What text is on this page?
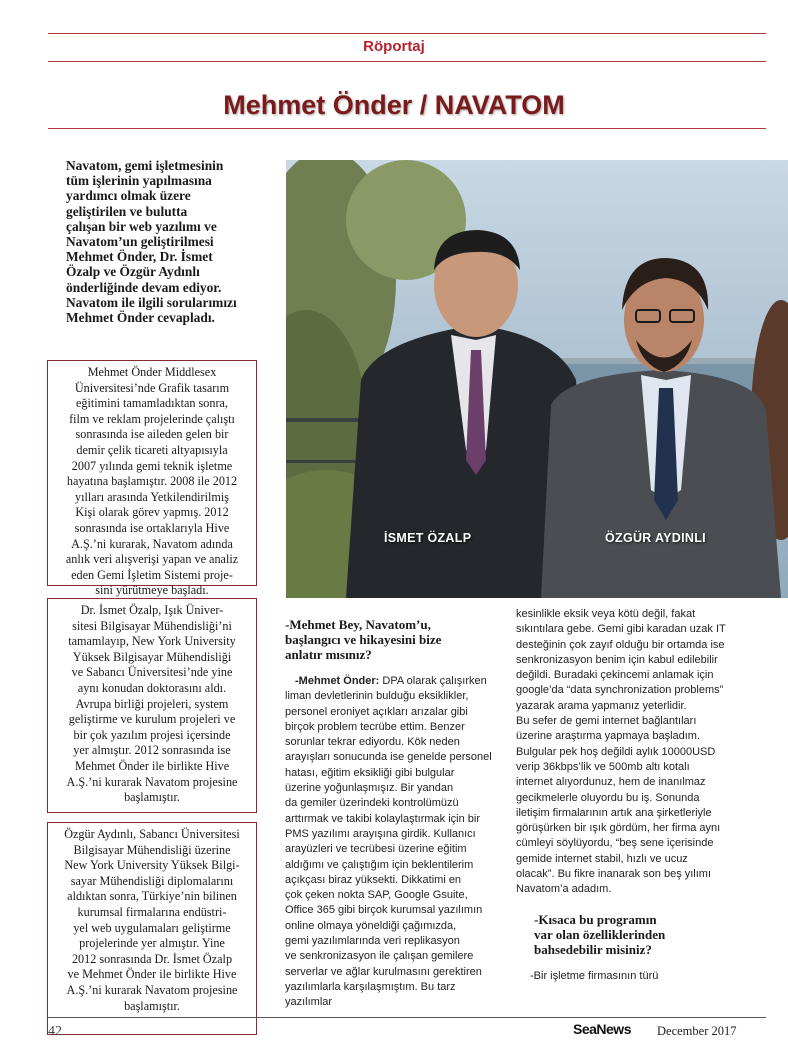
Röportaj
Mehmet Önder / NAVATOM
Navatom, gemi işletmesinin
tüm işlerinin yapılmasına
yardımcı olmak üzere
geliştirilen ve bulutta
çalışan bir web yazılımı ve
Navatom’un geliştirilmesi
Mehmet Önder, Dr. İsmet
Özalp ve Özgür Aydınlı
önderliğinde devam ediyor.
Navatom ile ilgili sorularımızı
Mehmet Önder cevapladı.
Mehmet Önder Middlesex
Üniversitesi’nde Grafik tasarım
eğitimini tamamladıktan sonra,
film ve reklam projelerinde çalıştı
sonrasında ise aileden gelen bir
demir çelik ticareti altyapısıyla
2007 yılında gemi teknik işletme
hayatına başlamıştır. 2008 ile 2012
yılları arasında Yetkilendirilmiş
Kişi olarak görev yapmış. 2012
sonrasında ise ortaklarıyla Hive
A.Ş.’ni kurarak, Navatom adında
anlık veri alışverişi yapan ve analiz
eden Gemi İşletim Sistemi proje-
sini yürütmeye başladı.
Dr. İsmet Özalp, Işık Üniver-
sitesi Bilgisayar Mühendisliği’ni
tamamlayıp, New York University
Yüksek Bilgisayar Mühendisliği
ve Sabancı Üniversitesi’nde yine
aynı konudan doktorasını aldı.
Avrupa birliği projeleri, system
geliştirme ve kurulum projeleri ve
bir çok yazılım projesi içersinde
yer almıştır. 2012 sonrasında ise
Mehmet Önder ile birlikte Hive
A.Ş.’ni kurarak Navatom projesine
başlamıştır.
Özgür Aydınlı, Sabancı Üniversitesi
Bilgisayar Mühendisliği üzerine
New York University Yüksek Bilgi-
sayar Mühendisliği diplomalarını
aldıktan sonra, Türkiye’nin bilinen
kurumsal firmalarına endüstri-
yel web uygulamaları geliştirme
projelerinde yer almıştır. Yine
2012 sonrasında Dr. İsmet Özalp
ve Mehmet Önder ile birlikte Hive
A.Ş.’ni kurarak Navatom projesine
başlamıştır.
İSMET ÖZALP	ÖZGÜR AYDINLI
-Mehmet Bey, Navatom’u,
başlangıcı ve hikayesini bize
anlatır mısınız?
-Mehmet Önder: DPA olarak çalışırken
liman devletlerinin bulduğu eksiklikler,
personel eroniyet açıkları arızalar gibi
birçok problem tecrübe ettim. Benzer
sorunlar tekrar ediyordu. Kök neden
arayışları sonucunda ise genelde personel
hatası, eğitim eksikliği gibi bulgular
üzerine yoğunlaşmışız. Bir yandan
da gemiler üzerindeki kontrolümüzü
arttırmak ve takibi kolaylaştırmak için bir
PMS yazılımı arayışına girdik. Kullanıcı
arayüzleri ve tecrübesi üzerine eğitim
aldığımı ve çalıştığım için beklentilerim
açıkçası biraz yüksekti. Dikkatimi en
çok çeken nokta SAP, Google Gsuite,
Office 365 gibi birçok kurumsal yazılımın
online olmaya yöneldiği çağımızda,
gemi yazılımlarında veri replikasyon
ve senkronizasyon ile çalışan gemilere
serverlar ve ağlar kurulmasını gerektiren
yazılımlarla karşılaşmıştım. Bu tarz yazılımlar
kesinlikle eksik veya kötü değil, fakat
sıkıntılara gebe. Gemi gibi karadan uzak IT
desteğinin çok zayıf olduğu bir ortamda ise
senkronizasyon benim için kabul edilebilir
değildi. Buradaki çekincemi anlamak için
google’da “data synchronization problems”
yazarak arama yapmanız yeterlidir.
Bu sefer de gemi internet bağlantıları
üzerine araştırma yapmaya başladım.
Bulgular pek hoş değildi aylık 10000USD
verip 36kbps’lik ve 500mb altı kotalı
internet alıyordunuz, hem de inanılmaz
gecikmelerle oluyordu bu iş. Sonunda
iletişim firmalarının artık ana şirketleriyle
görüşürken bir ışık gördüm, her firma aynı
cümleyi söylüyordu, “beş sene içerisinde
gemide internet stabil, hızlı ve ucuz
olacak”. Bu fikre inanarak son beş yılımı
Navatom’a adadım.
-Kısaca bu programın
var olan özelliklerinden
bahsedebilir misiniz?
-Bir işletme firmasının türü
42	SeaNews December 2017
